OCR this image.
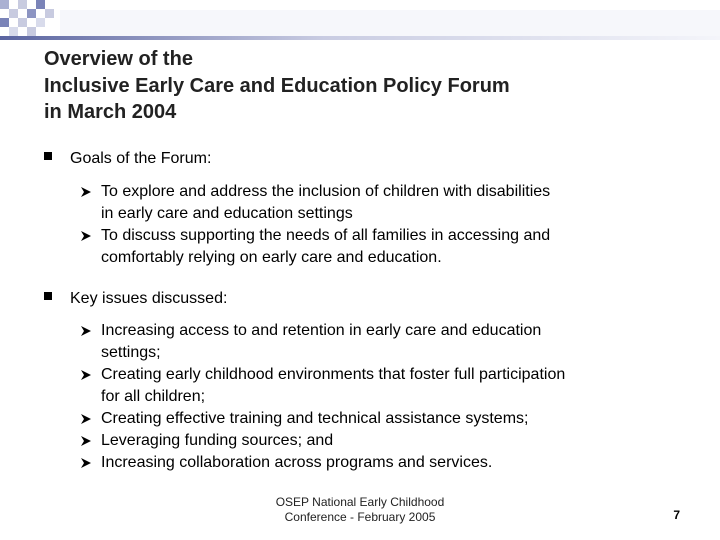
Overview of the
Inclusive Early Care and Education Policy Forum
in March 2004
Goals of the Forum:
To explore and address the inclusion of children with disabilities
in early care and education settings
To discuss supporting the needs of all families in accessing and
comfortably relying on early care and education.
Key issues discussed:
Increasing access to and retention in early care and education
settings;
Creating early childhood environments that foster full participation
for all children;
Creating effective training and technical assistance systems;
Leveraging funding sources; and
Increasing collaboration across programs and services.
OSEP National Early Childhood
Conference - February 2005	7
